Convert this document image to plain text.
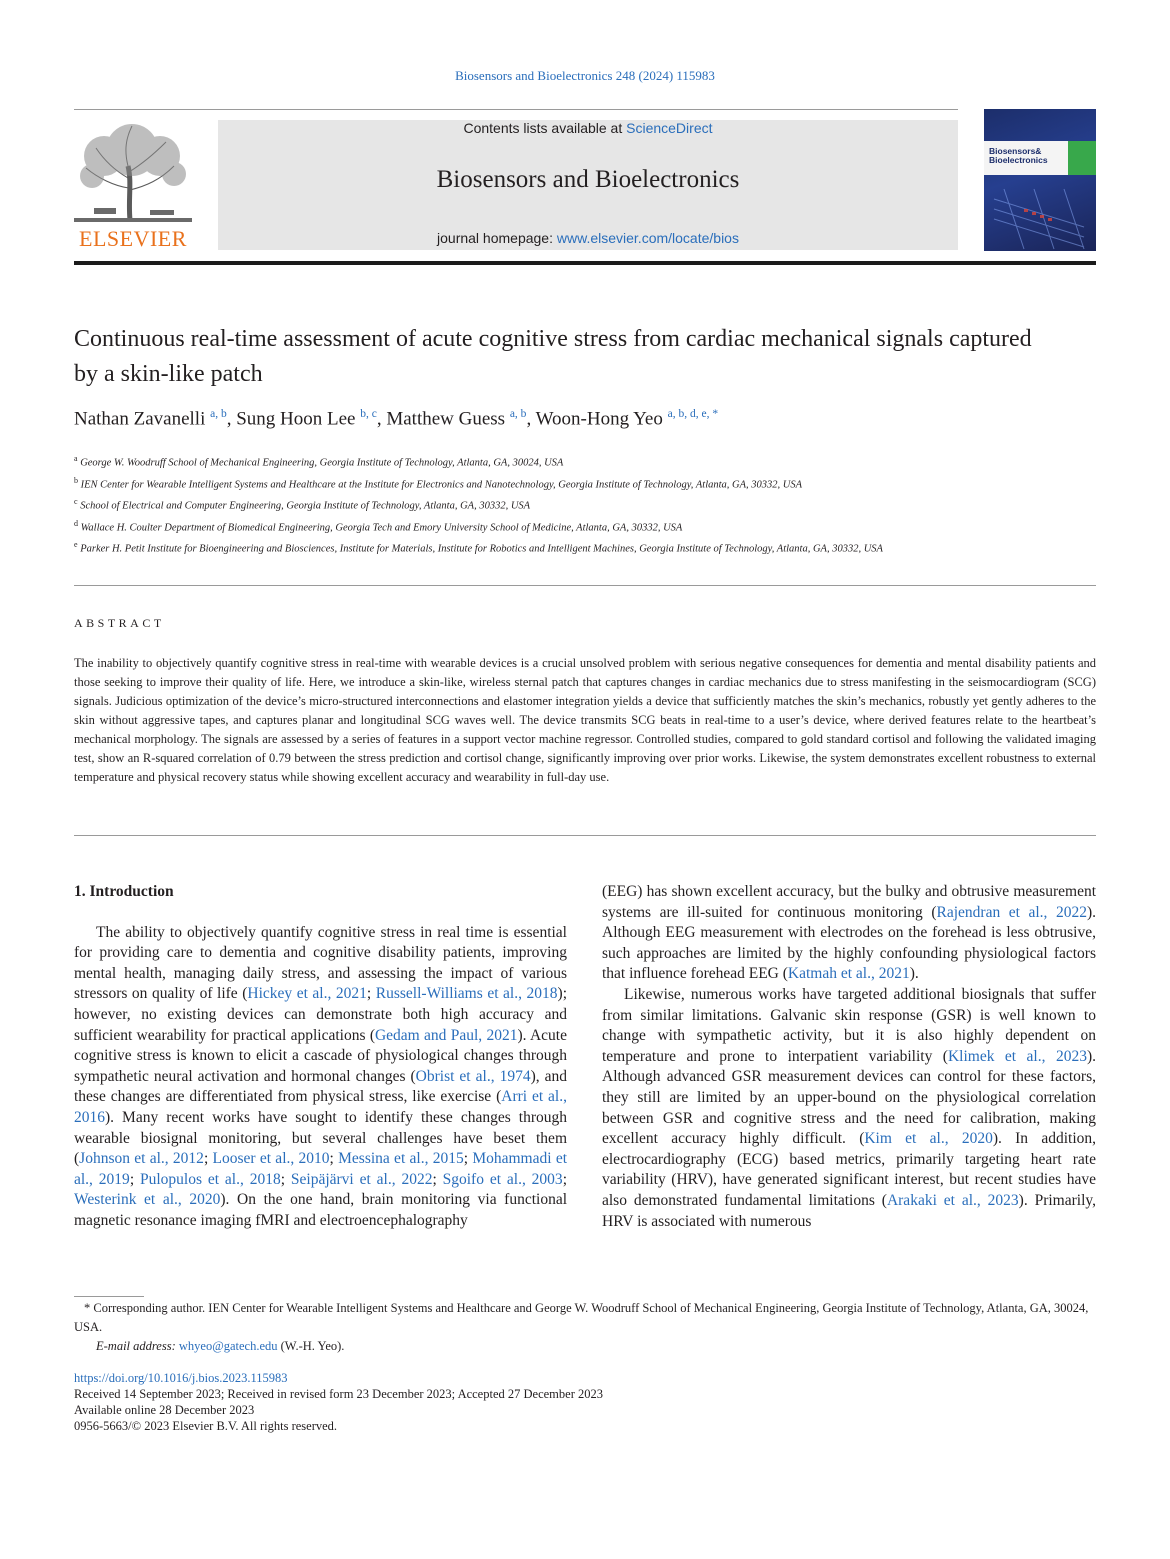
Biosensors and Bioelectronics 248 (2024) 115983
ELSEVIER
Contents lists available at ScienceDirect
Biosensors and Bioelectronics
journal homepage: www.elsevier.com/locate/bios
Biosensors&
Bioelectronics
Continuous real-time assessment of acute cognitive stress from cardiac mechanical signals captured by a skin-like patch
Nathan Zavanelli $^{a, b}$, Sung Hoon Lee $^{b, c}$, Matthew Guess $^{a, b}$, Woon-Hong Yeo $^{a, b, d, e, *}$

$^a$ George W. Woodruff School of Mechanical Engineering, Georgia Institute of Technology, Atlanta, GA, 30024, USA

$^b$ IEN Center for Wearable Intelligent Systems and Healthcare at the Institute for Electronics and Nanotechnology, Georgia Institute of Technology, Atlanta, GA, 30332, USA

$^c$ School of Electrical and Computer Engineering, Georgia Institute of Technology, Atlanta, GA, 30332, USA

$^d$ Wallace H. Coulter Department of Biomedical Engineering, Georgia Tech and Emory University School of Medicine, Atlanta, GA, 30332, USA

$^e$ Parker H. Petit Institute for Bioengineering and Biosciences, Institute for Materials, Institute for Robotics and Intelligent Machines, Georgia Institute of Technology, Atlanta, GA, 30332, USA

ABSTRACT
The inability to objectively quantify cognitive stress in real-time with wearable devices is a crucial unsolved problem with serious negative consequences for dementia and mental disability patients and those seeking to improve their quality of life. Here, we introduce a skin-like, wireless sternal patch that captures changes in cardiac mechanics due to stress manifesting in the seismocardiogram (SCG) signals. Judicious optimization of the device’s micro-structured interconnections and elastomer integration yields a device that sufficiently matches the skin’s mechanics, robustly yet gently adheres to the skin without aggressive tapes, and captures planar and longitudinal SCG waves well. The device transmits SCG beats in real-time to a user’s device, where derived features relate to the heartbeat’s mechanical morphology. The signals are assessed by a series of features in a support vector machine regressor. Controlled studies, compared to gold standard cortisol and following the validated imaging test, show an R-squared correlation of 0.79 between the stress prediction and cortisol change, significantly improving over prior works. Likewise, the system demonstrates excellent robustness to external temperature and physical recovery status while showing excellent accuracy and wearability in full-day use.

1. Introduction

The ability to objectively quantify cognitive stress in real time is essential for providing care to dementia and cognitive disability patients, improving mental health, managing daily stress, and assessing the impact of various stressors on quality of life (Hickey et al., 2021; Russell-Williams et al., 2018); however, no existing devices can demonstrate both high accuracy and sufficient wearability for practical applications (Gedam and Paul, 2021). Acute cognitive stress is known to elicit a cascade of physiological changes through sympathetic neural activation and hormonal changes (Obrist et al., 1974), and these changes are differentiated from physical stress, like exercise (Arri et al., 2016). Many recent works have sought to identify these changes through wearable biosignal monitoring, but several challenges have beset them (Johnson et al., 2012; Looser et al., 2010; Messina et al., 2015; Mohammadi et al., 2019; Pulopulos et al., 2018; Seipäjärvi et al., 2022; Sgoifo et al., 2003; Westerink et al., 2020). On the one hand, brain monitoring via functional magnetic resonance imaging fMRI and electroencephalography

(EEG) has shown excellent accuracy, but the bulky and obtrusive measurement systems are ill-suited for continuous monitoring (Rajendran et al., 2022). Although EEG measurement with electrodes on the forehead is less obtrusive, such approaches are limited by the highly confounding physiological factors that influence forehead EEG (Katmah et al., 2021).

Likewise, numerous works have targeted additional biosignals that suffer from similar limitations. Galvanic skin response (GSR) is well known to change with sympathetic activity, but it is also highly dependent on temperature and prone to interpatient variability (Klimek et al., 2023). Although advanced GSR measurement devices can control for these factors, they still are limited by an upper-bound on the physiological correlation between GSR and cognitive stress and the need for calibration, making excellent accuracy highly difficult. (Kim et al., 2020). In addition, electrocardiography (ECG) based metrics, primarily targeting heart rate variability (HRV), have generated significant interest, but recent studies have also demonstrated fundamental limitations (Arakaki et al., 2023). Primarily, HRV is associated with numerous

* Corresponding author. IEN Center for Wearable Intelligent Systems and Healthcare and George W. Woodruff School of Mechanical Engineering, Georgia Institute of Technology, Atlanta, GA, 30024, USA.

E-mail address: whyeo@gatech.edu (W.-H. Yeo).

https://doi.org/10.1016/j.bios.2023.115983

Received 14 September 2023; Received in revised form 23 December 2023; Accepted 27 December 2023

Available online 28 December 2023

0956-5663/© 2023 Elsevier B.V. All rights reserved.
